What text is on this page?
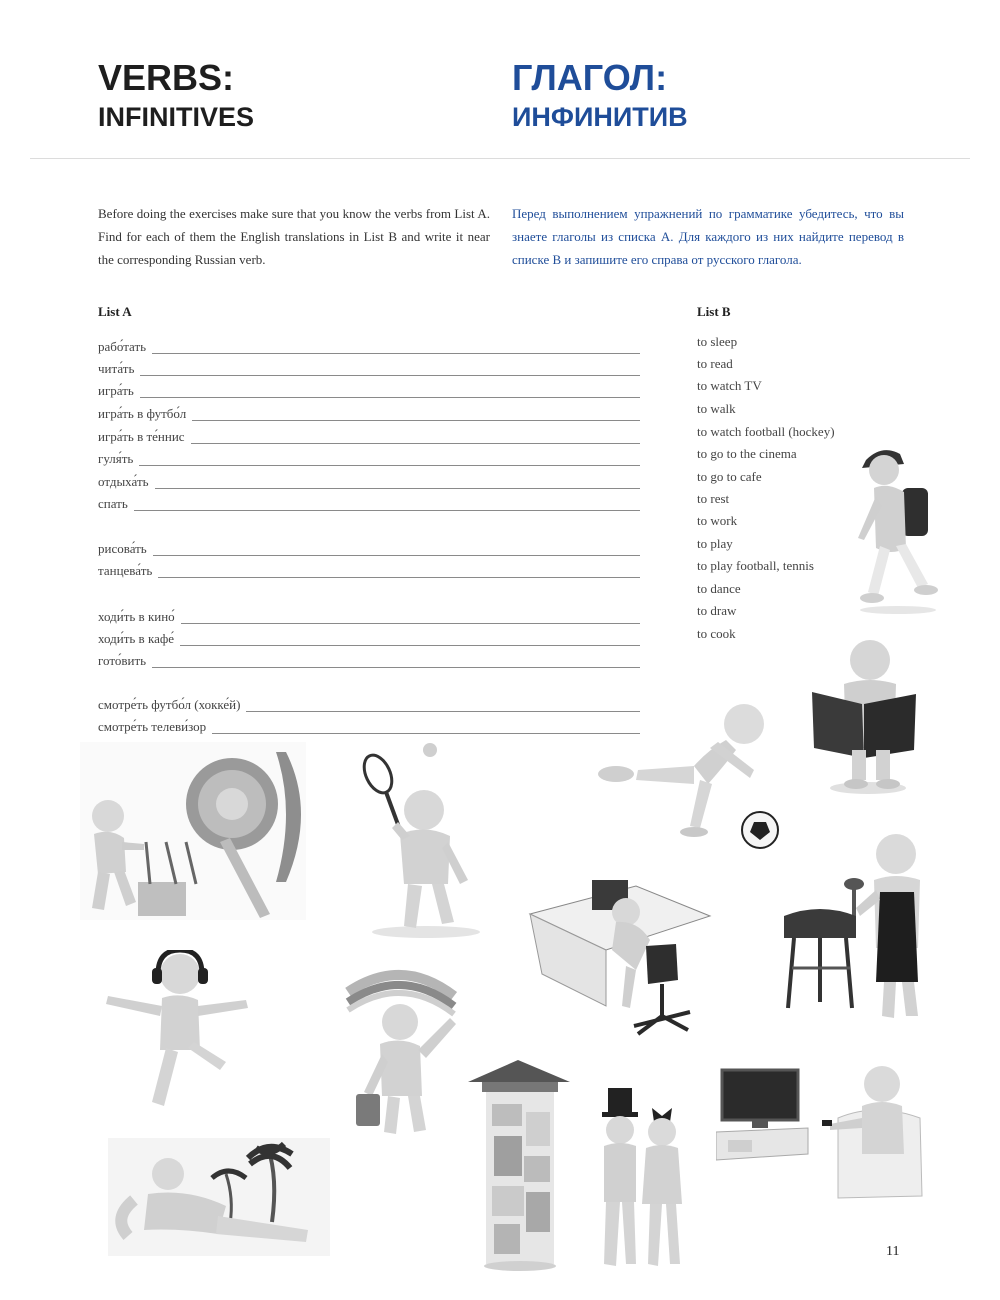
VERBS:
INFINITIVES
ГЛАГОЛ:
ИНФИНИТИВ
Before doing the exercises make sure that you know the verbs from List A. Find for each of them the English translations in List B and write it near the corresponding Russian verb.
Перед выполнением упражнений по грамматике убедитесь, что вы знаете глаголы из списка А. Для каждого из них найдите перевод в списке В и запишите его справа от русского глагола.
List A	List B
рабо́тать
чита́ть
игра́ть
игра́ть в футбо́л
игра́ть в те́ннис
гуля́ть
отдыха́ть
спать
рисова́ть
танцева́ть
ходи́ть в кино́
ходи́ть в кафе́
гото́вить
смотре́ть футбо́л (хокке́й)
смотре́ть телеви́зор
to sleep
to read
to watch TV
to walk
to watch football (hockey)
to go to the cinema
to go to cafe
to rest
to work
to play
to play football, tennis
to dance
to draw
to cook
11
